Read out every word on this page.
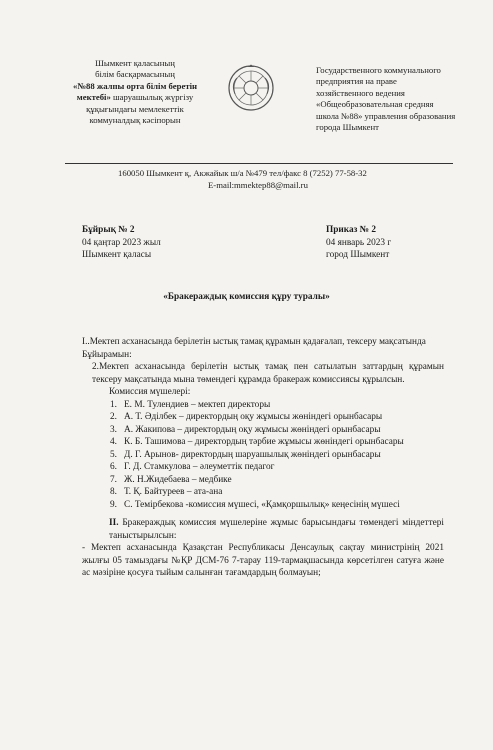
Шымкент қаласының
білім басқармасының
«№88 жалпы орта білім беретін
мектебі» шаруашылық жүргізу
құқығындағы мемлекеттік
коммуналдық кәсіпорын
Государственного коммунального
предприятия на праве
хозяйственного ведения
«Общеобразовательная средняя
школа №88» управления образования
города Шымкент
160050 Шымкент қ, Акжайык ш/а №479 тел/факс 8 (7252) 77-58-32
E-mail:mmektep88@mail.ru
Бұйрық № 2
04 қаңтар 2023 жыл
Шымкент қаласы
Приказ № 2
04 январь 2023 г
город Шымкент
«Бракераждық комиссия құру туралы»

І..Мектеп асханасында берілетін ыстық тамақ құрамын қадағалап, тексеру мақсатында

Бұйырамын:

2.Мектеп асханасында берілетін ыстық тамақ пен сатылатын заттардың құрамын тексеру мақсатында мына төмендегі құрамда бракераж комиссиясы құрылсын.

Комиссия мүшелері:

1. Е. М. Тулендиев – мектеп директоры
2. А. Т. Әділбек – директордың оқу жұмысы жөніндегі орынбасары
3. А. Жакипова – директордың оқу жұмысы жөніндегі орынбасары
4. К. Б. Ташимова – директордың тәрбие жұмысы жөніндегі орынбасары
5. Д. Г. Арынов- директордың шаруашылық жөніндегі орынбасары
6. Г. Д. Стамкулова – әлеуметтік педагог
7. Ж. Н.Жидебаева – медбике
8. Т. Қ. Байтуреев – ата-ана
9. С. Темірбекова -комиссия мүшесі, «Қамқоршылық» кеңесінің мүшесі

II. Бракераждық комиссия мүшелеріне жұмыс барысындағы төмендегі міндеттері таныстырылсын:

- Мектеп асханасында Қазақстан Республикасы Денсаулық сақтау министрінің 2021 жылғы 05 тамыздағы №ҚР ДСМ-76 7-тарау 119-тармақшасында көрсетілген сатуға және ас мәзіріне қосуға тыйым салынған тағамдардың болмауын;
